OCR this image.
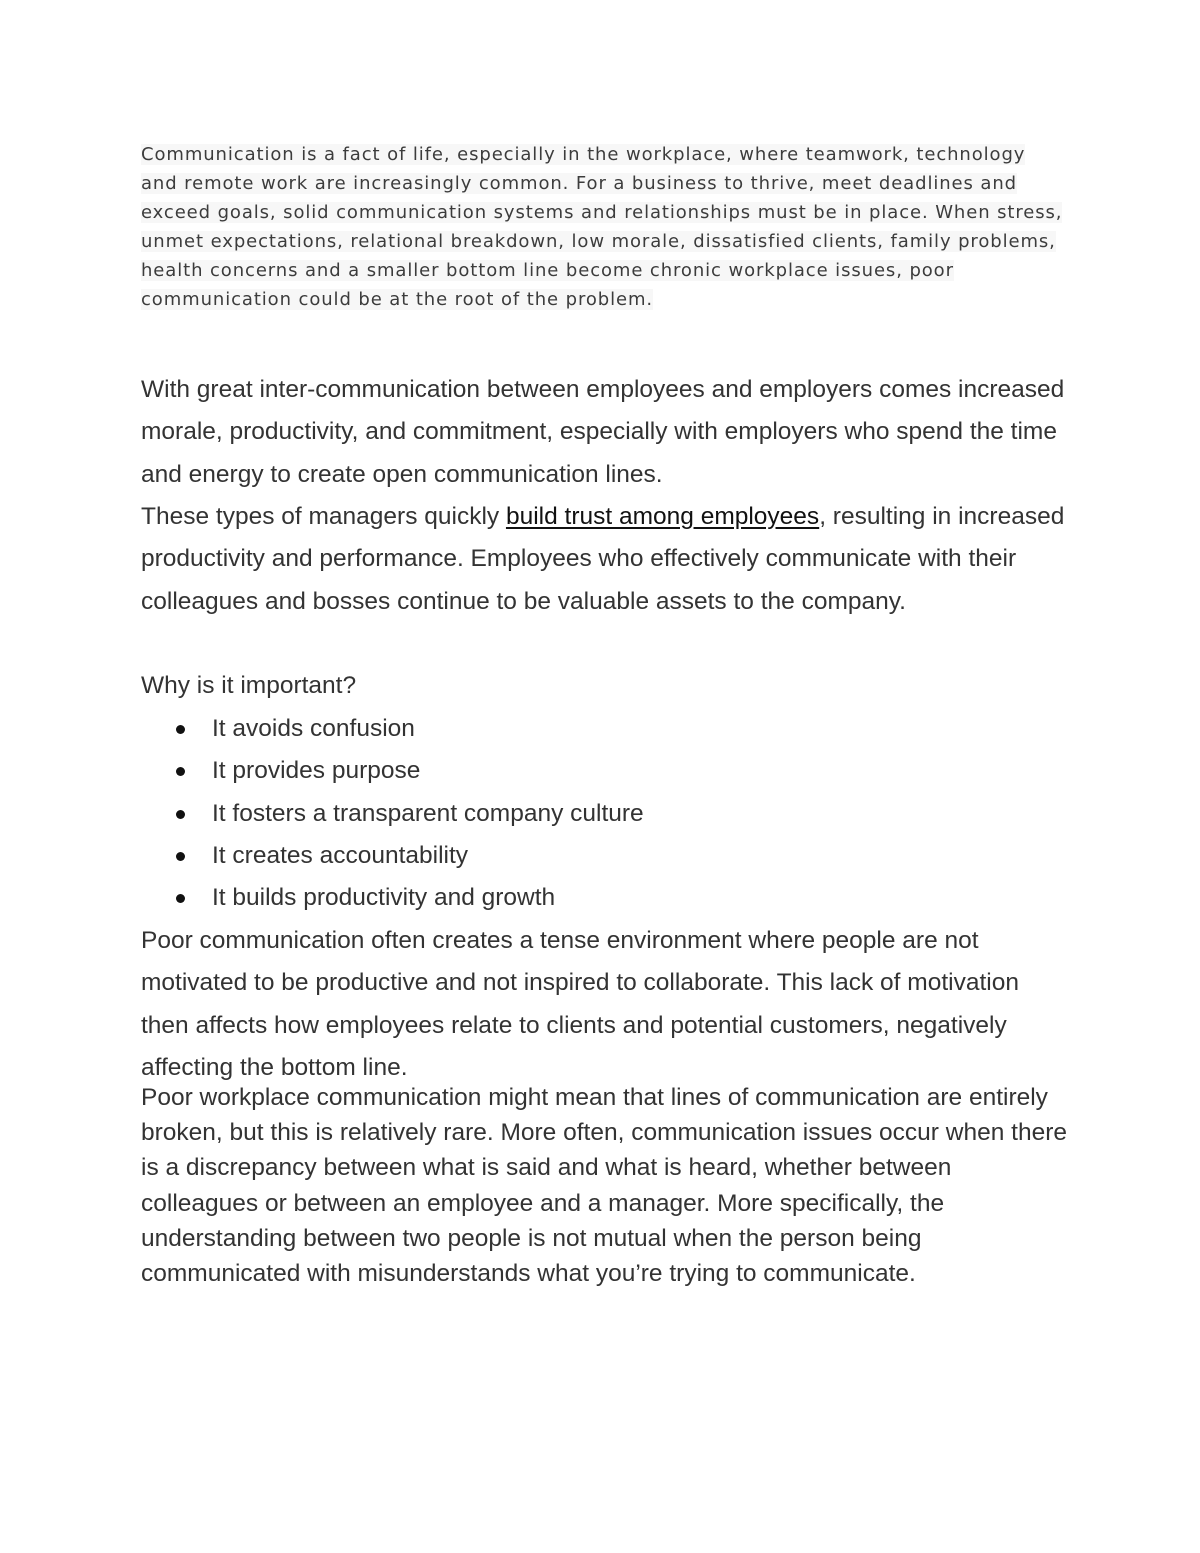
Communication is a fact of life, especially in the workplace, where teamwork, technology and remote work are increasingly common. For a business to thrive, meet deadlines and exceed goals, solid communication systems and relationships must be in place. When stress, unmet expectations, relational breakdown, low morale, dissatisfied clients, family problems, health concerns and a smaller bottom line become chronic workplace issues, poor communication could be at the root of the problem.

With great inter-communication between employees and employers comes increased morale, productivity, and commitment, especially with employers who spend the time and energy to create open communication lines.

These types of managers quickly build trust among employees, resulting in increased productivity and performance. Employees who effectively communicate with their colleagues and bosses continue to be valuable assets to the company.

Why is it important?

It avoids confusion
It provides purpose
It fosters a transparent company culture
It creates accountability
It builds productivity and growth

Poor communication often creates a tense environment where people are not motivated to be productive and not inspired to collaborate. This lack of motivation then affects how employees relate to clients and potential customers, negatively affecting the bottom line.

Poor workplace communication might mean that lines of communication are entirely broken, but this is relatively rare. More often, communication issues occur when there is a discrepancy between what is said and what is heard, whether between colleagues or between an employee and a manager. More specifically, the understanding between two people is not mutual when the person being communicated with misunderstands what you’re trying to communicate.
